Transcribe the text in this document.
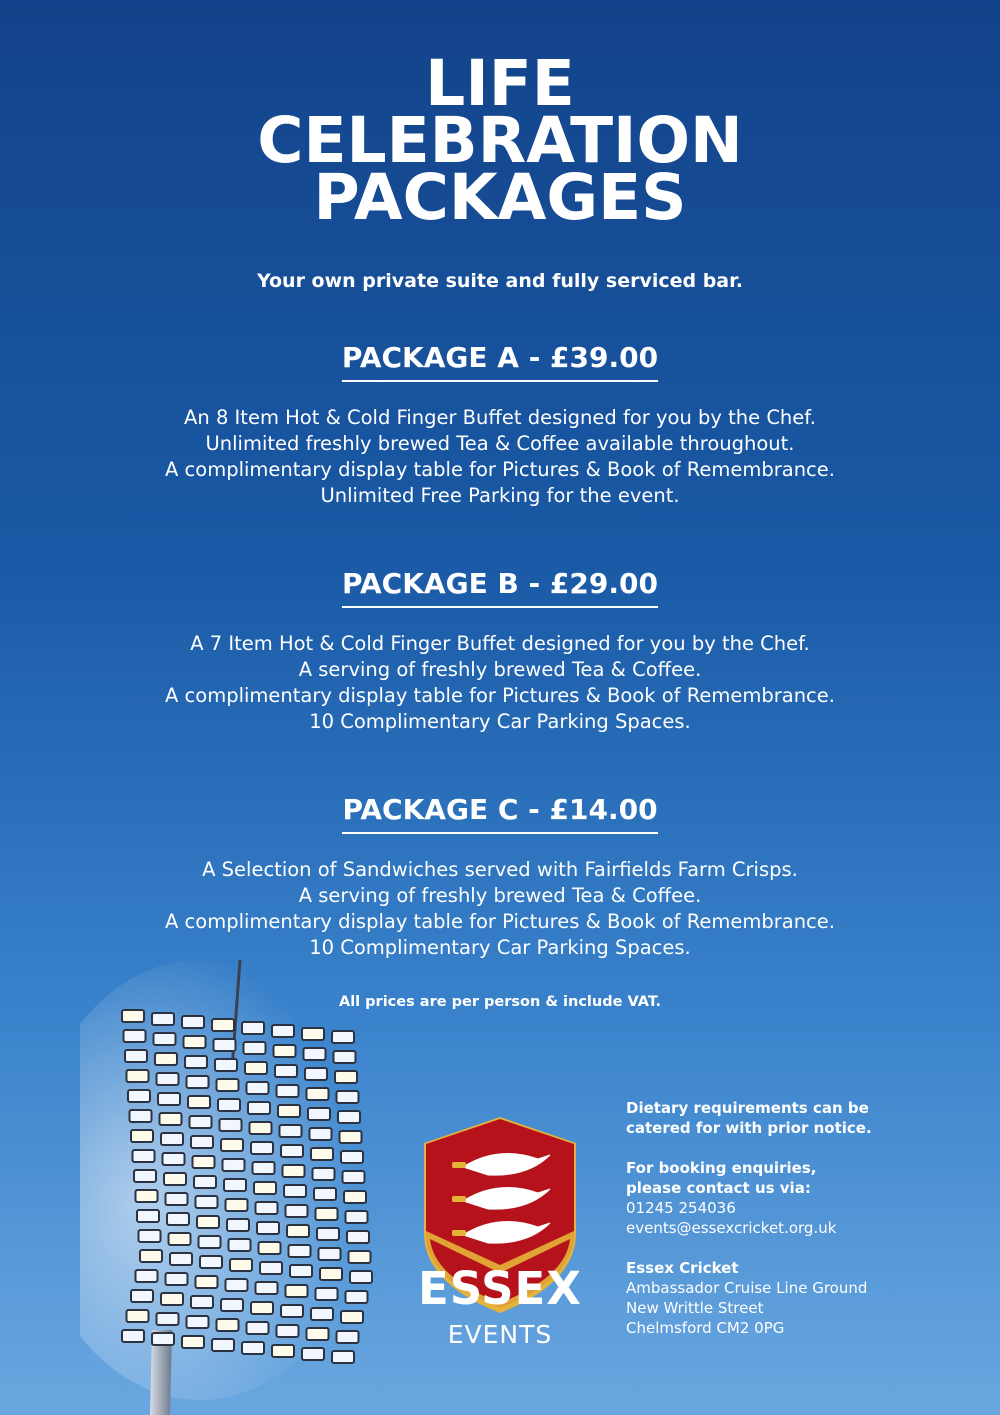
LIFE
CELEBRATION
PACKAGES

Your own private suite and fully serviced bar.

PACKAGE A - £39.00
An 8 Item Hot & Cold Finger Buffet designed for you by the Chef.
Unlimited freshly brewed Tea & Coffee available throughout.
A complimentary display table for Pictures & Book of Remembrance.
Unlimited Free Parking for the event.
PACKAGE B - £29.00
A 7 Item Hot & Cold Finger Buffet designed for you by the Chef.
A serving of freshly brewed Tea & Coffee.
A complimentary display table for Pictures & Book of Remembrance.
10 Complimentary Car Parking Spaces.
PACKAGE C - £14.00
A Selection of Sandwiches served with Fairfields Farm Crisps.
A serving of freshly brewed Tea & Coffee.
A complimentary display table for Pictures & Book of Remembrance.
10 Complimentary Car Parking Spaces.
All prices are per person & include VAT.
ESSEX
EVENTS
Dietary requirements can be
catered for with prior notice.
For booking enquiries,
please contact us via:
01245 254036
events@essexcricket.org.uk
Essex Cricket
Ambassador Cruise Line Ground
New Writtle Street
Chelmsford CM2 0PG
